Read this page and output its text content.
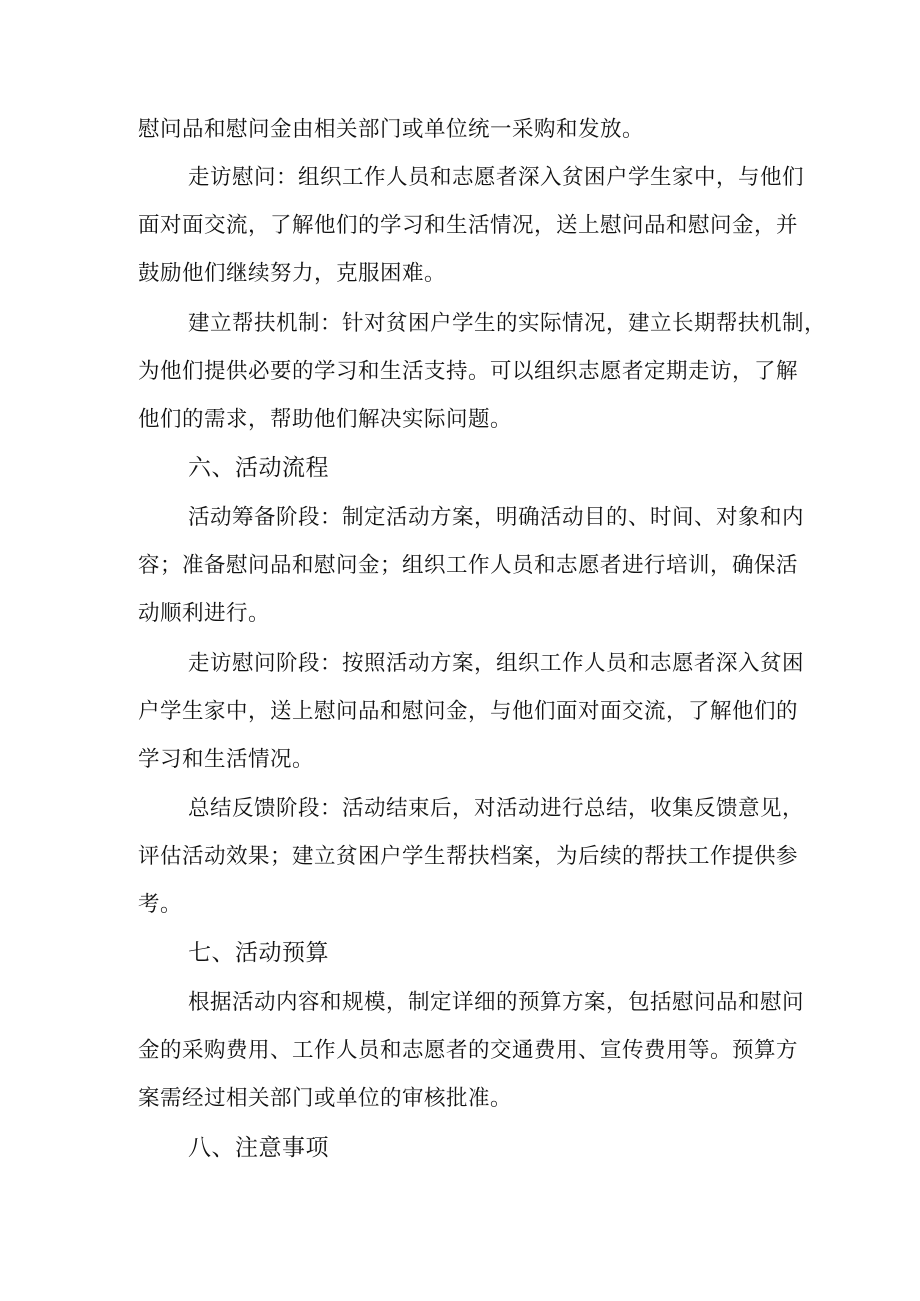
慰问品和慰问金由相关部门或单位统一采购和发放。

走访慰问：组织工作人员和志愿者深入贫困户学生家中，与他们

面对面交流，了解他们的学习和生活情况，送上慰问品和慰问金，并

鼓励他们继续努力，克服困难。

建立帮扶机制：针对贫困户学生的实际情况，建立长期帮扶机制，

为他们提供必要的学习和生活支持。可以组织志愿者定期走访，了解

他们的需求，帮助他们解决实际问题。

六、活动流程

活动筹备阶段：制定活动方案，明确活动目的、时间、对象和内

容；准备慰问品和慰问金；组织工作人员和志愿者进行培训，确保活

动顺利进行。

走访慰问阶段：按照活动方案，组织工作人员和志愿者深入贫困

户学生家中，送上慰问品和慰问金，与他们面对面交流，了解他们的

学习和生活情况。

总结反馈阶段：活动结束后，对活动进行总结，收集反馈意见，

评估活动效果；建立贫困户学生帮扶档案，为后续的帮扶工作提供参

考。

七、活动预算

根据活动内容和规模，制定详细的预算方案，包括慰问品和慰问

金的采购费用、工作人员和志愿者的交通费用、宣传费用等。预算方

案需经过相关部门或单位的审核批准。

八、注意事项
